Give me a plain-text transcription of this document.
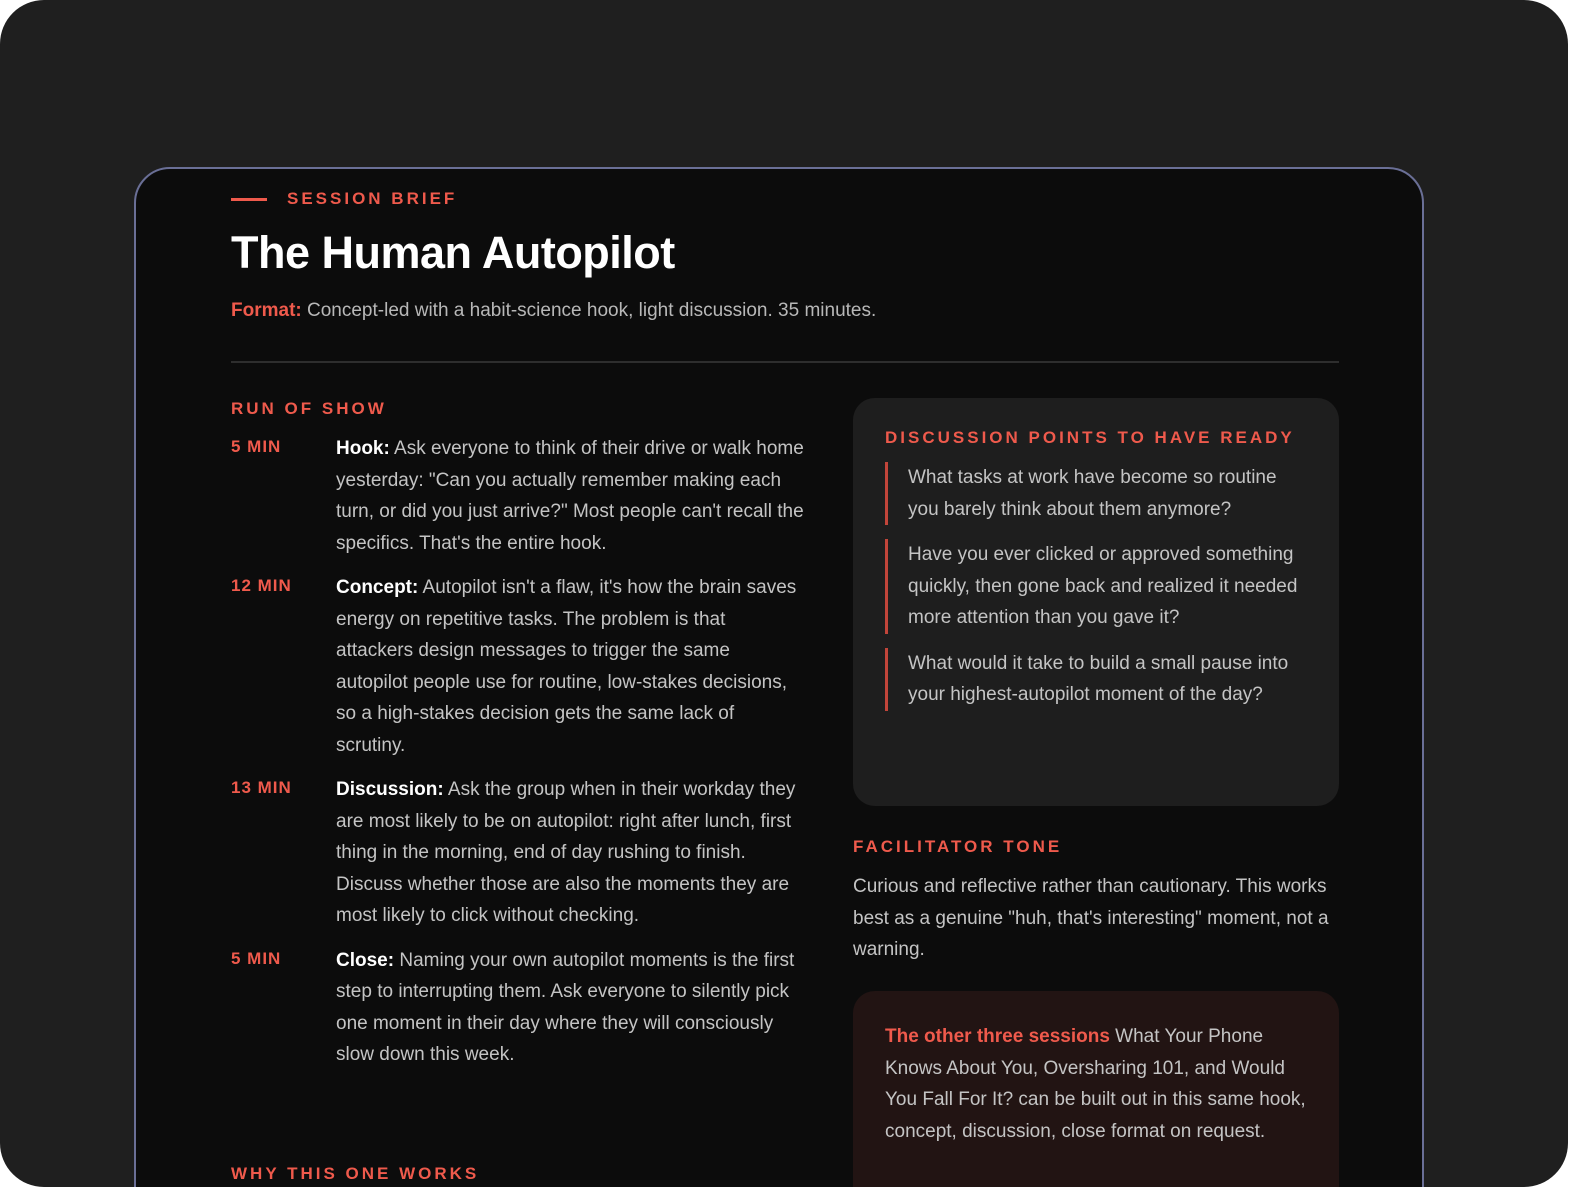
SESSION BRIEF
The Human Autopilot
Format: Concept-led with a habit-science hook, light discussion. 35 minutes.
RUN OF SHOW
5 MIN	Hook: Ask everyone to think of their drive or walk home yesterday: "Can you actually remember making each turn, or did you just arrive?" Most people can't recall the specifics. That's the entire hook.
12 MIN	Concept: Autopilot isn't a flaw, it's how the brain saves energy on repetitive tasks. The problem is that attackers design messages to trigger the same autopilot people use for routine, low-stakes decisions, so a high-stakes decision gets the same lack of scrutiny.
13 MIN	Discussion: Ask the group when in their workday they are most likely to be on autopilot: right after lunch, first thing in the morning, end of day rushing to finish. Discuss whether those are also the moments they are most likely to click without checking.
5 MIN	Close: Naming your own autopilot moments is the first step to interrupting them. Ask everyone to silently pick one moment in their day where they will consciously slow down this week.
WHY THIS ONE WORKS
DISCUSSION POINTS TO HAVE READY
What tasks at work have become so routine you barely think about them anymore?
Have you ever clicked or approved something quickly, then gone back and realized it needed more attention than you gave it?
What would it take to build a small pause into your highest-autopilot moment of the day?
FACILITATOR TONE
Curious and reflective rather than cautionary. This works best as a genuine "huh, that's interesting" moment, not a warning.
The other three sessions What Your Phone Knows About You, Oversharing 101, and Would You Fall For It? can be built out in this same hook, concept, discussion, close format on request.
